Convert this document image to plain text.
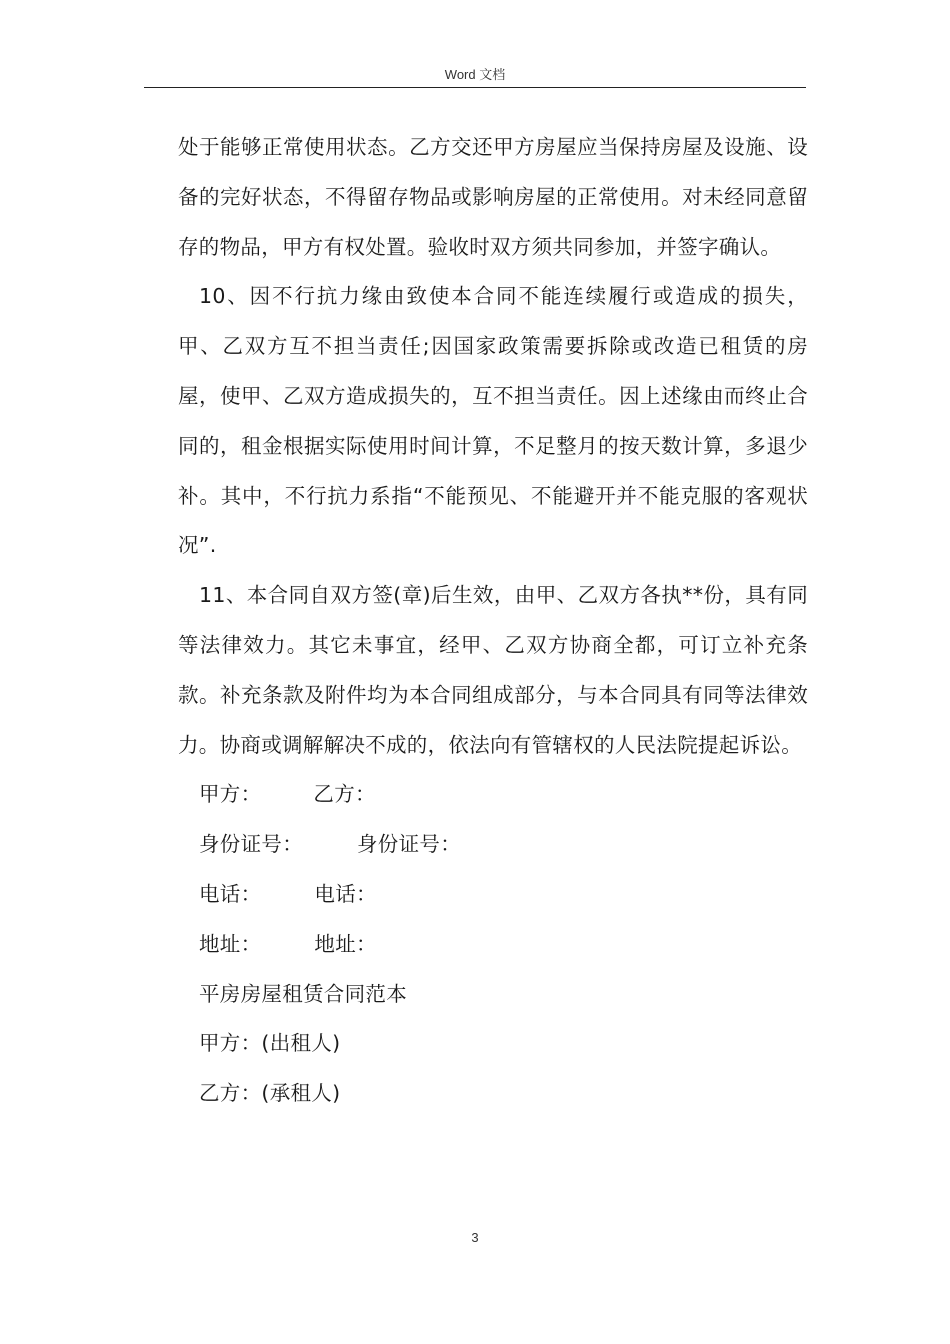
Word 文档

处于能够正常使用状态。乙方交还甲方房屋应当保持房屋及设施、设备的完好状态，不得留存物品或影响房屋的正常使用。对未经同意留存的物品，甲方有权处置。验收时双方须共同参加，并签字确认。

10、因不行抗力缘由致使本合同不能连续履行或造成的损失，甲、乙双方互不担当责任;因国家政策需要拆除或改造已租赁的房屋，使甲、乙双方造成损失的，互不担当责任。因上述缘由而终止合同的，租金根据实际使用时间计算，不足整月的按天数计算，多退少补。其中，不行抗力系指“不能预见、不能避开并不能克服的客观状况”.

11、本合同自双方签(章)后生效，由甲、乙双方各执**份，具有同等法律效力。其它未事宜，经甲、乙双方协商全都，可订立补充条款。补充条款及附件均为本合同组成部分，与本合同具有同等法律效力。协商或调解解决不成的，依法向有管辖权的人民法院提起诉讼。

甲方：	乙方：
身份证号：	身份证号：
电话：	电话：
地址：	地址：
平房房屋租赁合同范本
甲方：(出租人)
乙方：(承租人)
3
